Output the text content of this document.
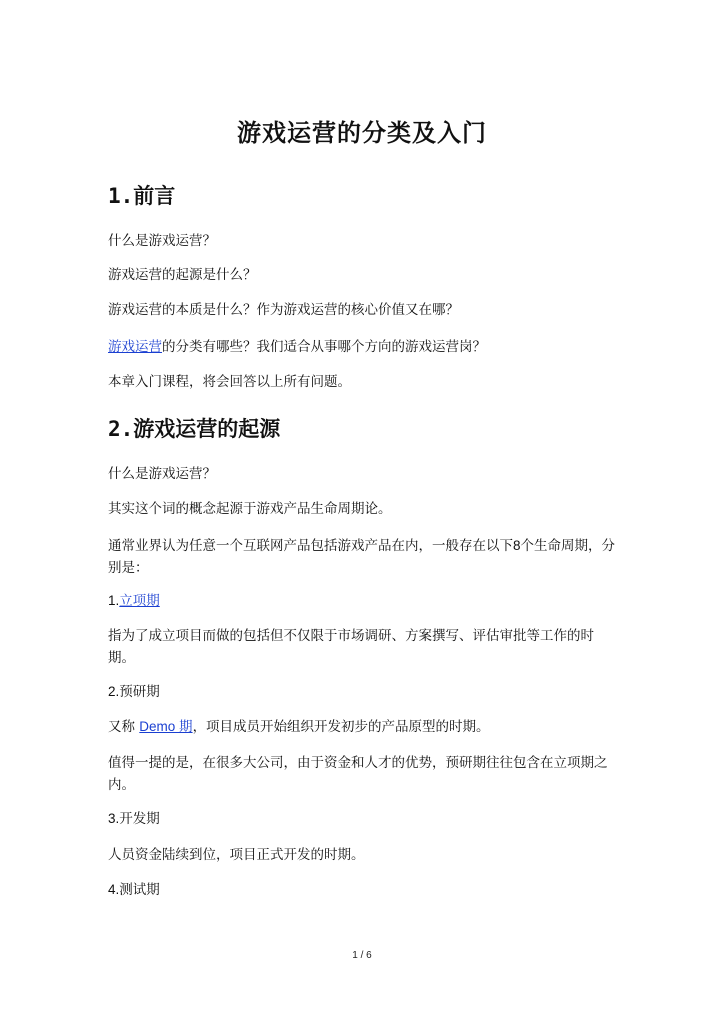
游戏运营的分类及入门
1.前言
什么是游戏运营？
游戏运营的起源是什么？
游戏运营的本质是什么？作为游戏运营的核心价值又在哪？
游戏运营的分类有哪些？我们适合从事哪个方向的游戏运营岗？
本章入门课程，将会回答以上所有问题。
2.游戏运营的起源
什么是游戏运营？
其实这个词的概念起源于游戏产品生命周期论。
通常业界认为任意一个互联网产品包括游戏产品在内，一般存在以下8个生命周期，分别是：
1.立项期
指为了成立项目而做的包括但不仅限于市场调研、方案撰写、评估审批等工作的时期。
2.预研期
又称 Demo 期，项目成员开始组织开发初步的产品原型的时期。
值得一提的是，在很多大公司，由于资金和人才的优势，预研期往往包含在立项期之内。
3.开发期
人员资金陆续到位，项目正式开发的时期。
4.测试期
1 / 6
